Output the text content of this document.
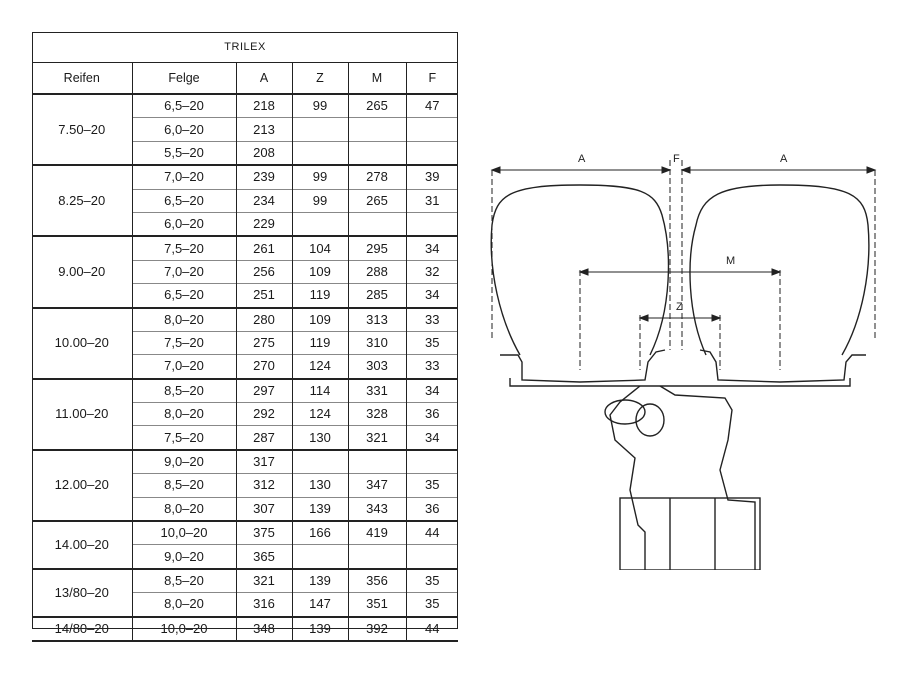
TRILEX					
Reifen	Felge	A	Z	M	F
7.50–20	6,5–20	218	99	265	47
	6,0–20	213			
	5,5–20	208			
8.25–20	7,0–20	239	99	278	39
	6,5–20	234	99	265	31
	6,0–20	229			
9.00–20	7,5–20	261	104	295	34
	7,0–20	256	109	288	32
	6,5–20	251	119	285	34
10.00–20	8,0–20	280	109	313	33
	7,5–20	275	119	310	35
	7,0–20	270	124	303	33
11.00–20	8,5–20	297	114	331	34
	8,0–20	292	124	328	36
	7,5–20	287	130	321	34
12.00–20	9,0–20	317			
	8,5–20	312	130	347	35
	8,0–20	307	139	343	36
14.00–20	10,0–20	375	166	419	44
	9,0–20	365			
13/80–20	8,5–20	321	139	356	35
	8,0–20	316	147	351	35
14/80–20	10,0–20	348	139	392	44
A	F	A
M
Z
